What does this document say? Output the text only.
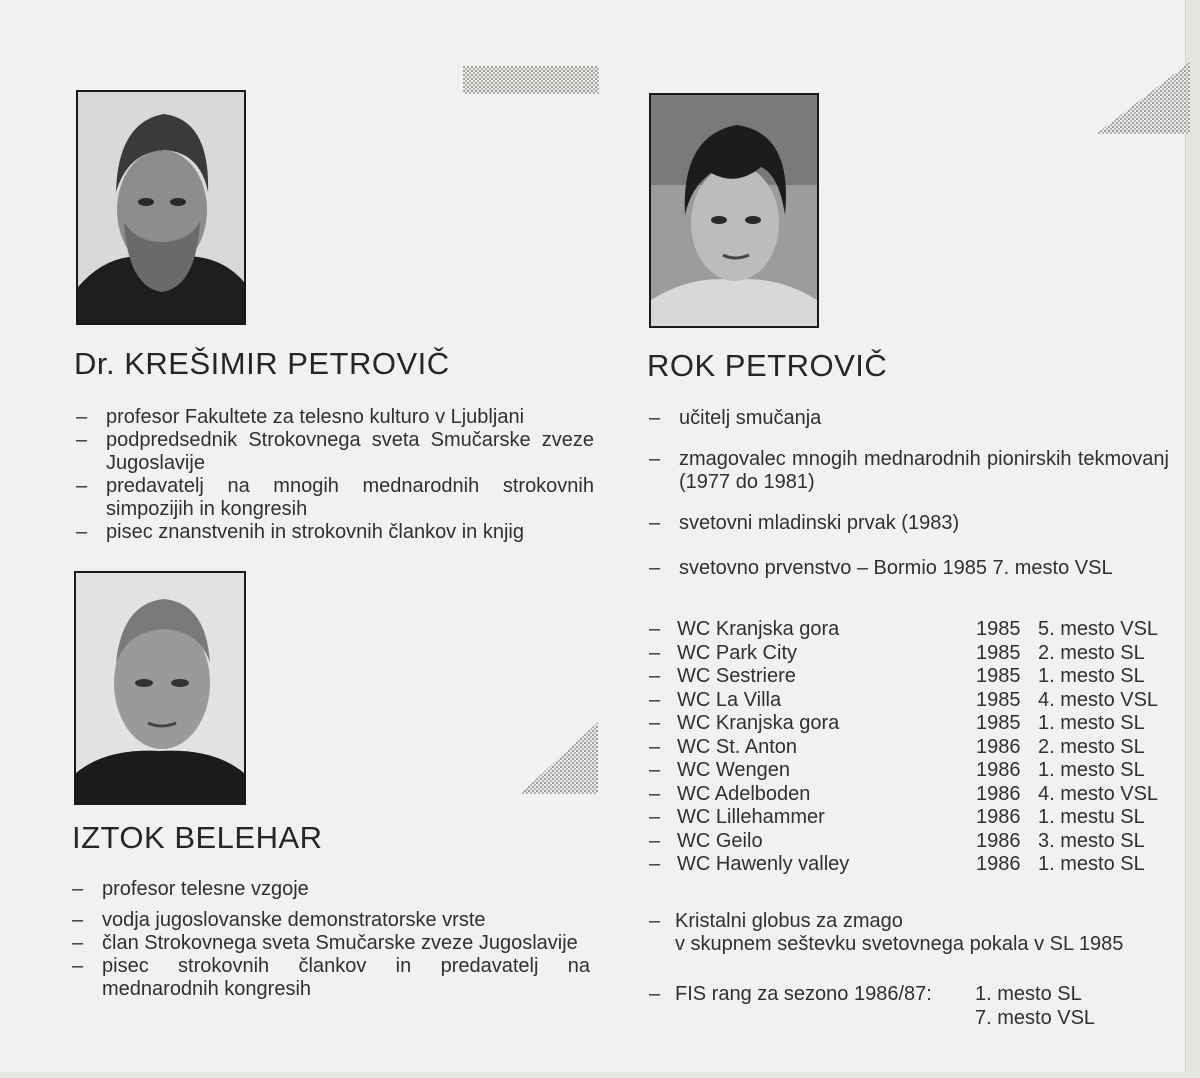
Dr. KREŠIMIR PETROVIČ	ROK PETROVIČ
IZTOK BELEHAR
– profesor Fakultete za telesno kulturo v Ljubljani
– podpredsednik Strokovnega sveta Smučarske zveze Jugoslavije
– predavatelj na mnogih mednarodnih strokovnih simpozijih in kongresih
– pisec znanstvenih in strokovnih člankov in knjig
– profesor telesne vzgoje
– vodja jugoslovanske demonstratorske vrste
– član Strokovnega sveta Smučarske zveze Jugoslavije
– pisec strokovnih člankov in predavatelj na mednarodnih kongresih
– učitelj smučanja
– zmagovalec mnogih mednarodnih pionirskih tekmovanj (1977 do 1981)
– svetovni mladinski prvak (1983)
– svetovno prvenstvo – Bormio 1985 7. mesto VSL
– WC Kranjska gora	1985 5. mesto VSL
– WC Park City	1985 2. mesto SL
– WC Sestriere	1985 1. mesto SL
– WC La Villa	1985 4. mesto VSL
– WC Kranjska gora	1985 1. mesto SL
– WC St. Anton	1986 2. mesto SL
– WC Wengen	1986 1. mesto SL
– WC Adelboden	1986 4. mesto VSL
– WC Lillehammer	1986 1. mestu SL
– WC Geilo	1986 3. mesto SL
– WC Hawenly valley	1986 1. mesto SL
– Kristalni globus za zmago
v skupnem seštevku svetovnega pokala v SL 1985
– FIS rang za sezono 1986/87: 1. mesto SL
7. mesto VSL
